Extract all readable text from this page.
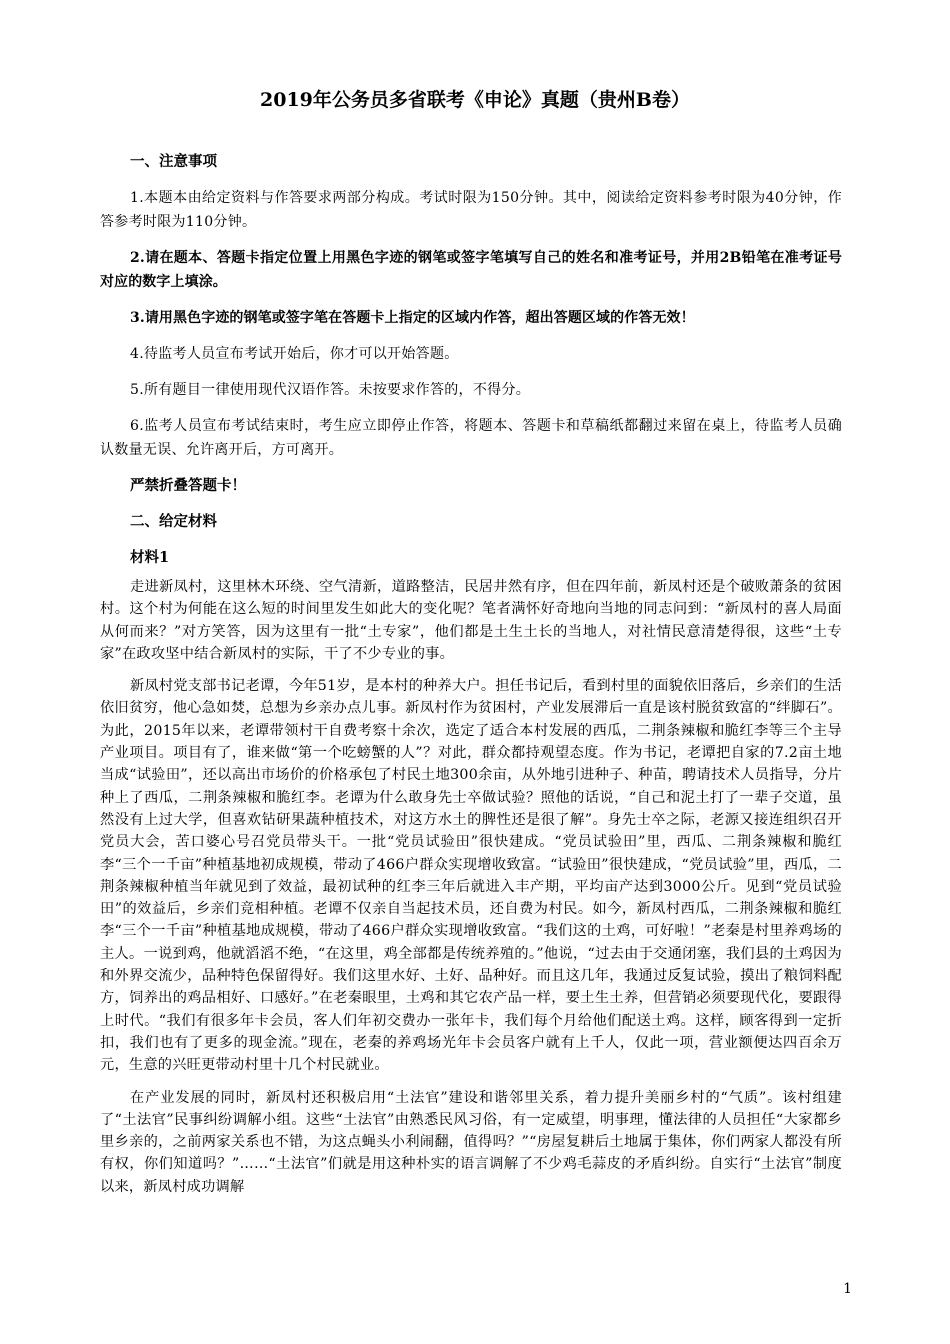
2019年公务员多省联考《申论》真题（贵州B卷）
一、注意事项

1.本题本由给定资料与作答要求两部分构成。考试时限为150分钟。其中，阅读给定资料参考时限为40分钟，作答参考时限为110分钟。

2.请在题本、答题卡指定位置上用黑色字迹的钢笔或签字笔填写自己的姓名和准考证号，并用2B铅笔在准考证号对应的数字上填涂。

3.请用黑色字迹的钢笔或签字笔在答题卡上指定的区域内作答，超出答题区域的作答无效！

4.待监考人员宣布考试开始后，你才可以开始答题。

5.所有题目一律使用现代汉语作答。未按要求作答的，不得分。

6.监考人员宣布考试结束时，考生应立即停止作答，将题本、答题卡和草稿纸都翻过来留在桌上，待监考人员确认数量无误、允许离开后，方可离开。

严禁折叠答题卡！
二、给定材料
材料1

走进新凤村，这里林木环绕、空气清新，道路整洁，民居井然有序，但在四年前，新凤村还是个破败萧条的贫困村。这个村为何能在这么短的时间里发生如此大的变化呢？笔者满怀好奇地向当地的同志问到：“新凤村的喜人局面从何而来？”对方笑答，因为这里有一批“土专家”，他们都是土生土长的当地人，对社情民意清楚得很，这些“土专家”在政攻坚中结合新凤村的实际，干了不少专业的事。

新凤村党支部书记老谭，今年51岁，是本村的种养大户。担任书记后，看到村里的面貌依旧落后，乡亲们的生活依旧贫穷，他心急如焚，总想为乡亲办点儿事。新凤村作为贫困村，产业发展滞后一直是该村脱贫致富的“绊脚石”。为此，2015年以来，老谭带领村干自费考察十余次，选定了适合本村发展的西瓜，二荆条辣椒和脆红李等三个主导产业项目。项目有了，谁来做“第一个吃螃蟹的人”？对此，群众都持观望态度。作为书记，老谭把自家的7.2亩土地当成“试验田”，还以高出市场价的价格承包了村民土地300余亩，从外地引进种子、种苗，聘请技术人员指导，分片种上了西瓜，二荆条辣椒和脆红李。老谭为什么敢身先士卒做试验？照他的话说，“自己和泥土打了一辈子交道，虽然没有上过大学，但喜欢钻研果蔬种植技术，对这方水土的脾性还是很了解”。身先士卒之际，老源又接连组织召开党员大会，苦口婆心号召党员带头干。一批“党员试验田”很快建成。“党员试验田”里，西瓜、二荆条辣椒和脆红李“三个一千亩”种植基地初成规模，带动了466户群众实现增收致富。“试验田”很快建成，“党员试验”里，西瓜，二荆条辣椒种植当年就见到了效益，最初试种的红李三年后就进入丰产期，平均亩产达到3000公斤。见到“党员试验田”的效益后，乡亲们竞相种植。老谭不仅亲自当起技术员，还自费为村民。如今，新凤村西瓜，二荆条辣椒和脆红李“三个一千亩”种植基地成规模，带动了466户群众实现增收致富。“我们这的土鸡，可好啦！”老秦是村里养鸡场的主人。一说到鸡，他就滔滔不绝，“在这里，鸡全部都是传统养殖的。”他说，“过去由于交通闭塞，我们县的土鸡因为和外界交流少，品种特色保留得好。我们这里水好、土好、品种好。而且这几年，我通过反复试验，摸出了粮饲料配方，饲养出的鸡品相好、口感好。”在老秦眼里，土鸡和其它农产品一样，要土生土养，但营销必须要现代化，要跟得上时代。“我们有很多年卡会员，客人们年初交费办一张年卡，我们每个月给他们配送土鸡。这样，顾客得到一定折扣，我们也有了更多的现金流。”现在，老秦的养鸡场光年卡会员客户就有上千人，仅此一项，营业额便达四百余万元，生意的兴旺更带动村里十几个村民就业。

在产业发展的同时，新凤村还积极启用“土法官”建设和谐邻里关系，着力提升美丽乡村的“气质”。该村组建了“土法官”民事纠纷调解小组。这些“土法官”由熟悉民风习俗，有一定威望，明事理，懂法律的人员担任“大家都乡里乡亲的，之前两家关系也不错，为这点蝇头小利闹翻，值得吗？”“房屋复耕后土地属于集体，你们两家人都没有所有权，你们知道吗？”……“土法官”们就是用这种朴实的语言调解了不少鸡毛蒜皮的矛盾纠纷。自实行“土法官”制度以来，新凤村成功调解

1
